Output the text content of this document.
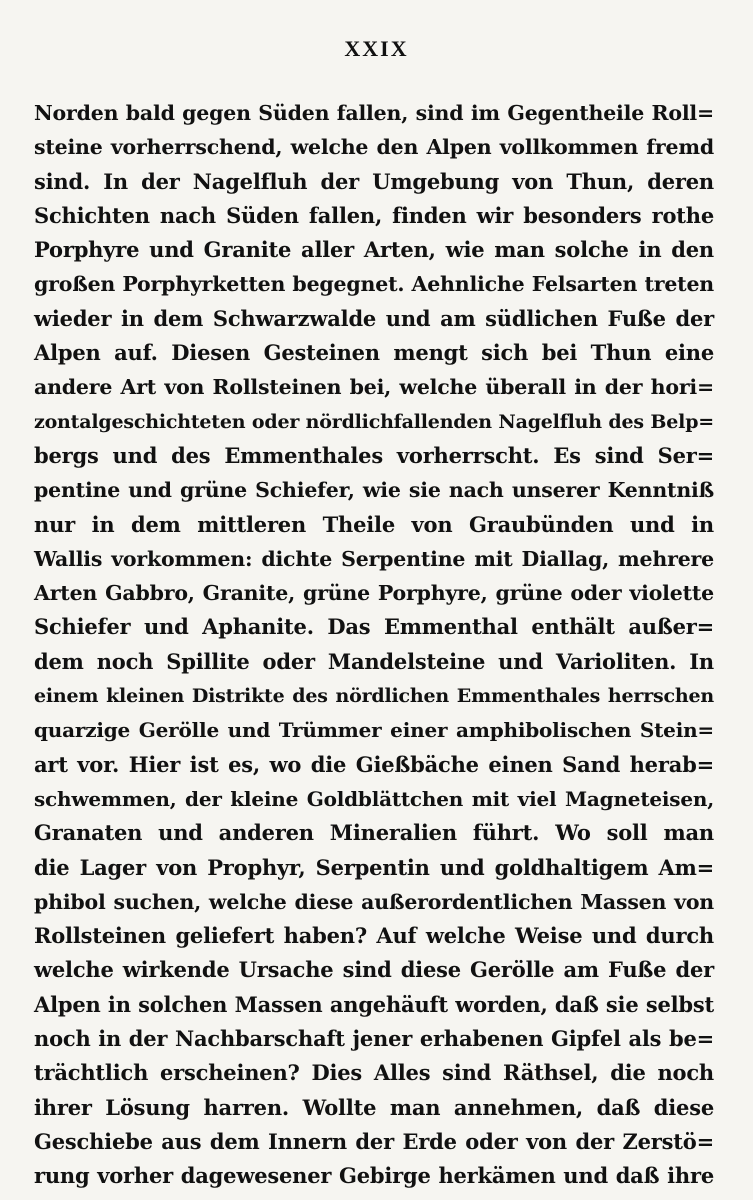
XXIX
Norden bald gegen Süden fallen, sind im Gegentheile Roll=
steine vorherrschend, welche den Alpen vollkommen fremd
sind. In der Nagelfluh der Umgebung von Thun, deren
Schichten nach Süden fallen, finden wir besonders rothe
Porphyre und Granite aller Arten, wie man solche in den
großen Porphyrketten begegnet. Aehnliche Felsarten treten
wieder in dem Schwarzwalde und am südlichen Fuße der
Alpen auf. Diesen Gesteinen mengt sich bei Thun eine
andere Art von Rollsteinen bei, welche überall in der hori=
zontalgeschichteten oder nördlichfallenden Nagelfluh des Belp=
bergs und des Emmenthales vorherrscht. Es sind Ser=
pentine und grüne Schiefer, wie sie nach unserer Kenntniß
nur in dem mittleren Theile von Graubünden und in
Wallis vorkommen: dichte Serpentine mit Diallag, mehrere
Arten Gabbro, Granite, grüne Porphyre, grüne oder violette
Schiefer und Aphanite. Das Emmenthal enthält außer=
dem noch Spillite oder Mandelsteine und Varioliten. In
einem kleinen Distrikte des nördlichen Emmenthales herrschen
quarzige Gerölle und Trümmer einer amphibolischen Stein=
art vor. Hier ist es, wo die Gießbäche einen Sand herab=
schwemmen, der kleine Goldblättchen mit viel Magneteisen,
Granaten und anderen Mineralien führt. Wo soll man
die Lager von Prophyr, Serpentin und goldhaltigem Am=
phibol suchen, welche diese außerordentlichen Massen von
Rollsteinen geliefert haben? Auf welche Weise und durch
welche wirkende Ursache sind diese Gerölle am Fuße der
Alpen in solchen Massen angehäuft worden, daß sie selbst
noch in der Nachbarschaft jener erhabenen Gipfel als be=
trächtlich erscheinen? Dies Alles sind Räthsel, die noch
ihrer Lösung harren. Wollte man annehmen, daß diese
Geschiebe aus dem Innern der Erde oder von der Zerstö=
rung vorher dagewesener Gebirge herkämen und daß ihre
